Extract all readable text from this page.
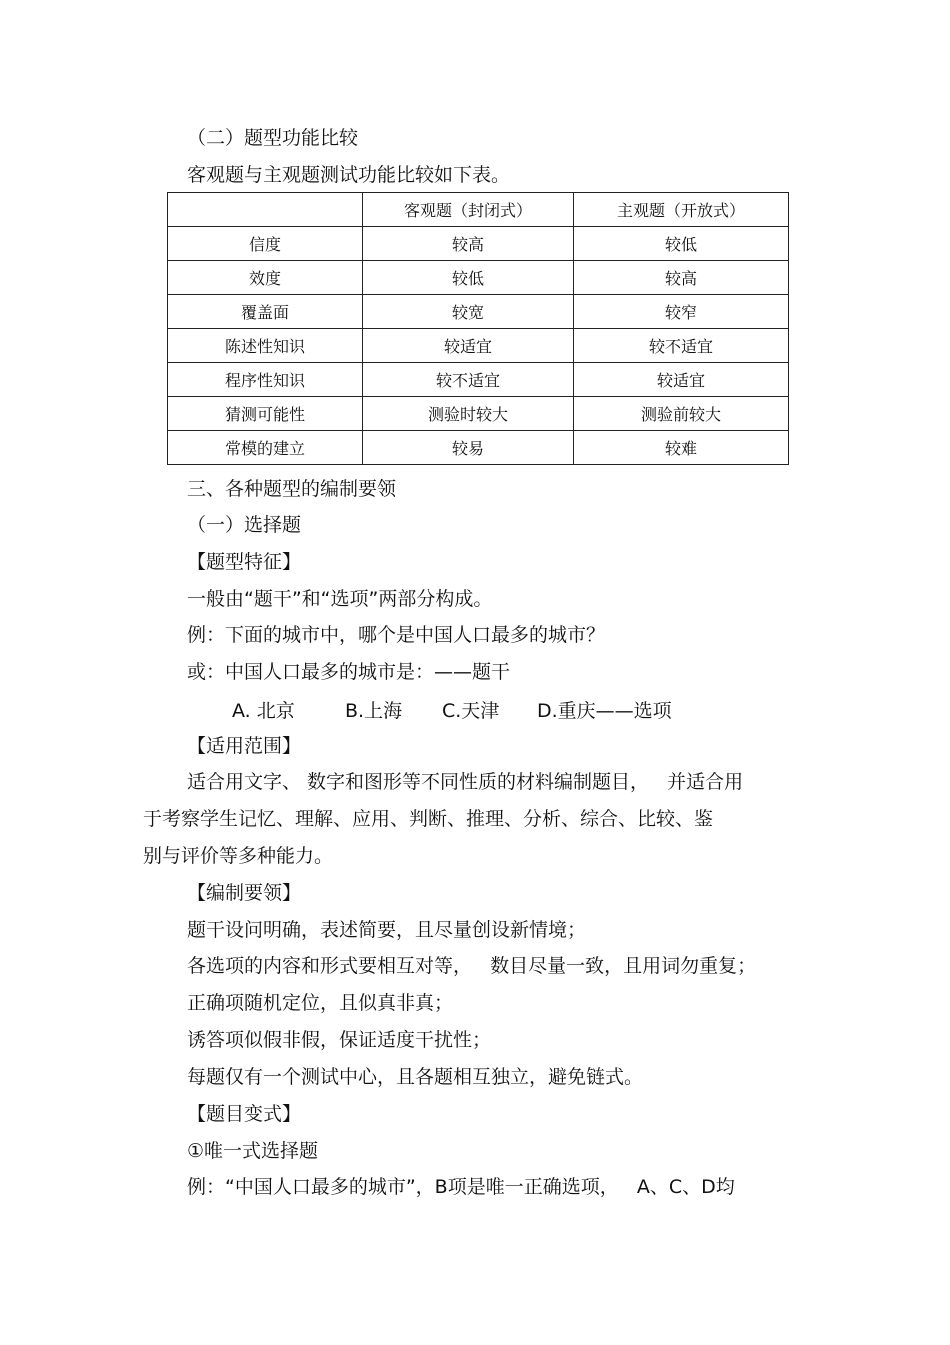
（二）题型功能比较
客观题与主观题测试功能比较如下表。
	客观题（封闭式）	主观题（开放式）
信度	较高	较低
效度	较低	较高
覆盖面	较宽	较窄
陈述性知识	较适宜	较不适宜
程序性知识	较不适宜	较适宜
猜测可能性	测验时较大	测验前较大
常模的建立	较易	较难
三、各种题型的编制要领
（一）选择题
【题型特征】
一般由“题干”和“选项”两部分构成。
例：下面的城市中，哪个是中国人口最多的城市？
或：中国人口最多的城市是：——题干
A. 北京	B.上海 C.天津 D.重庆——选项
【适用范围】
适合用文字、 数字和图形等不同性质的材料编制题目，   并适合用
于考察学生记忆、理解、应用、判断、推理、分析、综合、比较、鉴
别与评价等多种能力。
【编制要领】
题干设问明确，表述简要，且尽量创设新情境；
各选项的内容和形式要相互对等，   数目尽量一致，且用词勿重复；
正确项随机定位，且似真非真；
诱答项似假非假，保证适度干扰性；
每题仅有一个测试中心，且各题相互独立，避免链式。
【题目变式】
①唯一式选择题
例：“中国人口最多的城市”，B项是唯一正确选项，   A、C、D均
